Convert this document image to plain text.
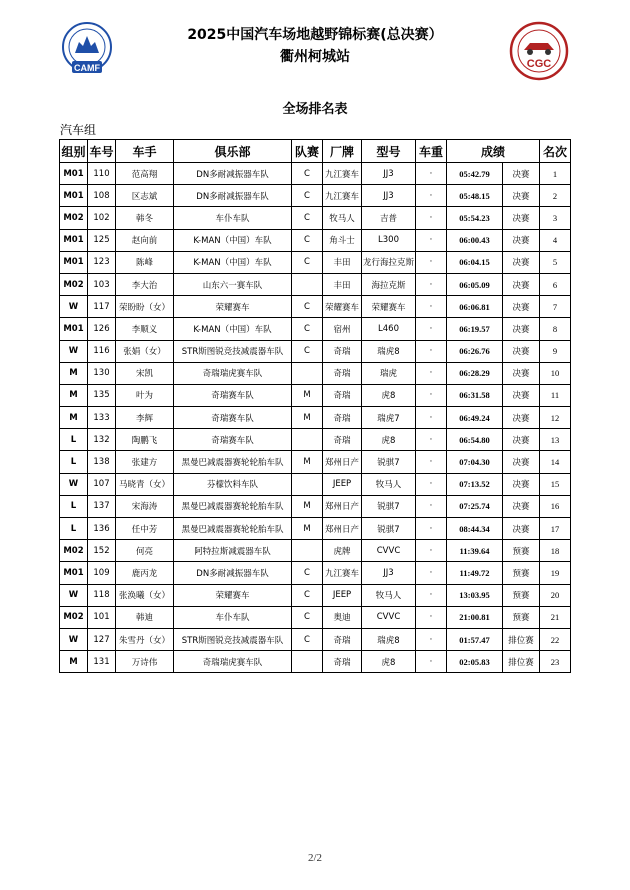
CAMF	CGC
2025中国汽车场地越野锦标赛(总决赛）
衢州柯城站
全场排名表
汽车组
组别	车号	车手	俱乐部	队赛	厂牌	型号	车重	成绩		名次
M01	110	范高翔	DN多耐减振器车队	C	九江赛车	JJ3	·	05:42.79	决赛	1
M01	108	区志斌	DN多耐减振器车队	C	九江赛车	JJ3	·	05:48.15	决赛	2
M02	102	韩冬	车仆车队	C	牧马人	吉普	·	05:54.23	决赛	3
M01	125	赵向前	K-MAN（中国）车队	C	角斗士	L300	·	06:00.43	决赛	4
M01	123	陈峰	K-MAN（中国）车队	C	丰田	龙行海拉克斯	·	06:04.15	决赛	5
M02	103	李大治	山东六一赛车队		丰田	海拉克斯	·	06:05.09	决赛	6
W	117	荣盼盼（女）	荣耀赛车	C	荣耀赛车	荣耀赛车	·	06:06.81	决赛	7
M01	126	李顺义	K-MAN（中国）车队	C	宿州	L460	·	06:19.57	决赛	8
W	116	张娟（女）	STR斯图锐竞技减震器车队	C	奇瑞	瑞虎8	·	06:26.76	决赛	9
M	130	宋凯	奇瑞瑞虎赛车队		奇瑞	瑞虎	·	06:28.29	决赛	10
M	135	叶为	奇瑞赛车队	M	奇瑞	虎8	·	06:31.58	决赛	11
M	133	李辉	奇瑞赛车队	M	奇瑞	瑞虎7	·	06:49.24	决赛	12
L	132	陶鹏飞	奇瑞赛车队		奇瑞	虎8	·	06:54.80	决赛	13
L	138	张建方	黑曼巴减震器赛轮轮胎车队	M	郑州日产	锐骐7	·	07:04.30	决赛	14
W	107	马晓青（女）	芬檬饮料车队		JEEP	牧马人	·	07:13.52	决赛	15
L	137	宋海涛	黑曼巴减震器赛轮轮胎车队	M	郑州日产	锐骐7	·	07:25.74	决赛	16
L	136	任中芳	黑曼巴减震器赛轮轮胎车队	M	郑州日产	锐骐7	·	08:44.34	决赛	17
M02	152	何亮	阿特拉斯减震器车队		虎牌	CVVC	·	11:39.64	预赛	18
M01	109	鹿丙龙	DN多耐减振器车队	C	九江赛车	JJ3	·	11:49.72	预赛	19
W	118	张涣曦（女）	荣耀赛车	C	JEEP	牧马人	·	13:03.95	预赛	20
M02	101	韩迪	车仆车队	C	奥迪	CVVC	·	21:00.81	预赛	21
W	127	朱雪丹（女）	STR斯图锐竞技减震器车队	C	奇瑞	瑞虎8	·	01:57.47	排位赛	22
M	131	万诗伟	奇瑞瑞虎赛车队		奇瑞	虎8	·	02:05.83	排位赛	23
2/2
